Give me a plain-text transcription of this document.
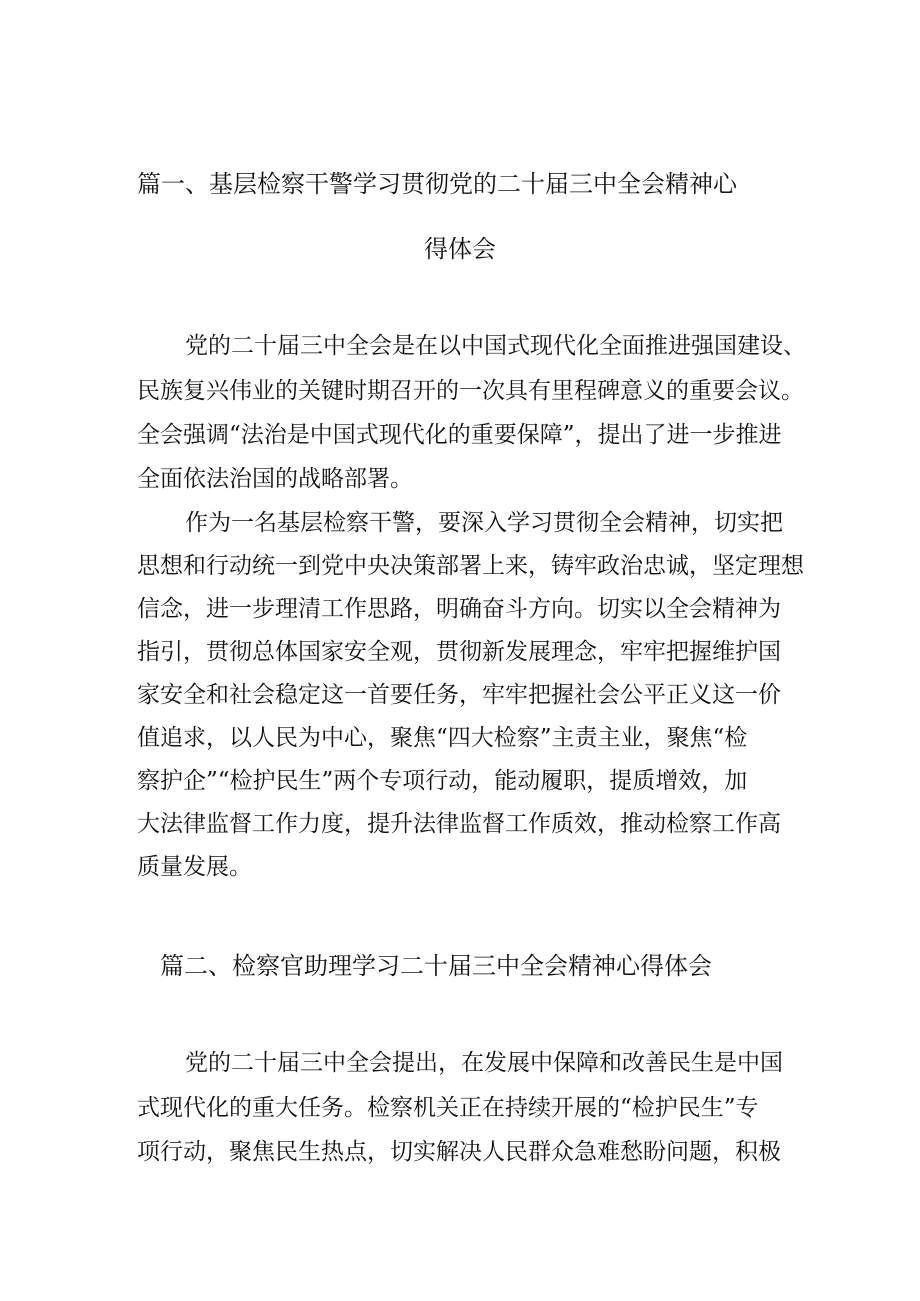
篇一、基层检察干警学习贯彻党的二十届三中全会精神心
得体会
党的二十届三中全会是在以中国式现代化全面推进强国建设、
民族复兴伟业的关键时期召开的一次具有里程碑意义的重要会议。
全会强调“法治是中国式现代化的重要保障”，提出了进一步推进
全面依法治国的战略部署。
作为一名基层检察干警，要深入学习贯彻全会精神，切实把
思想和行动统一到党中央决策部署上来，铸牢政治忠诚，坚定理想
信念，进一步理清工作思路，明确奋斗方向。切实以全会精神为
指引，贯彻总体国家安全观，贯彻新发展理念，牢牢把握维护国
家安全和社会稳定这一首要任务，牢牢把握社会公平正义这一价
值追求，以人民为中心，聚焦“四大检察”主责主业，聚焦“检
察护企”“检护民生”两个专项行动，能动履职，提质增效，加
大法律监督工作力度，提升法律监督工作质效，推动检察工作高
质量发展。
篇二、检察官助理学习二十届三中全会精神心得体会
党的二十届三中全会提出，在发展中保障和改善民生是中国
式现代化的重大任务。检察机关正在持续开展的“检护民生”专
项行动，聚焦民生热点，切实解决人民群众急难愁盼问题，积极
